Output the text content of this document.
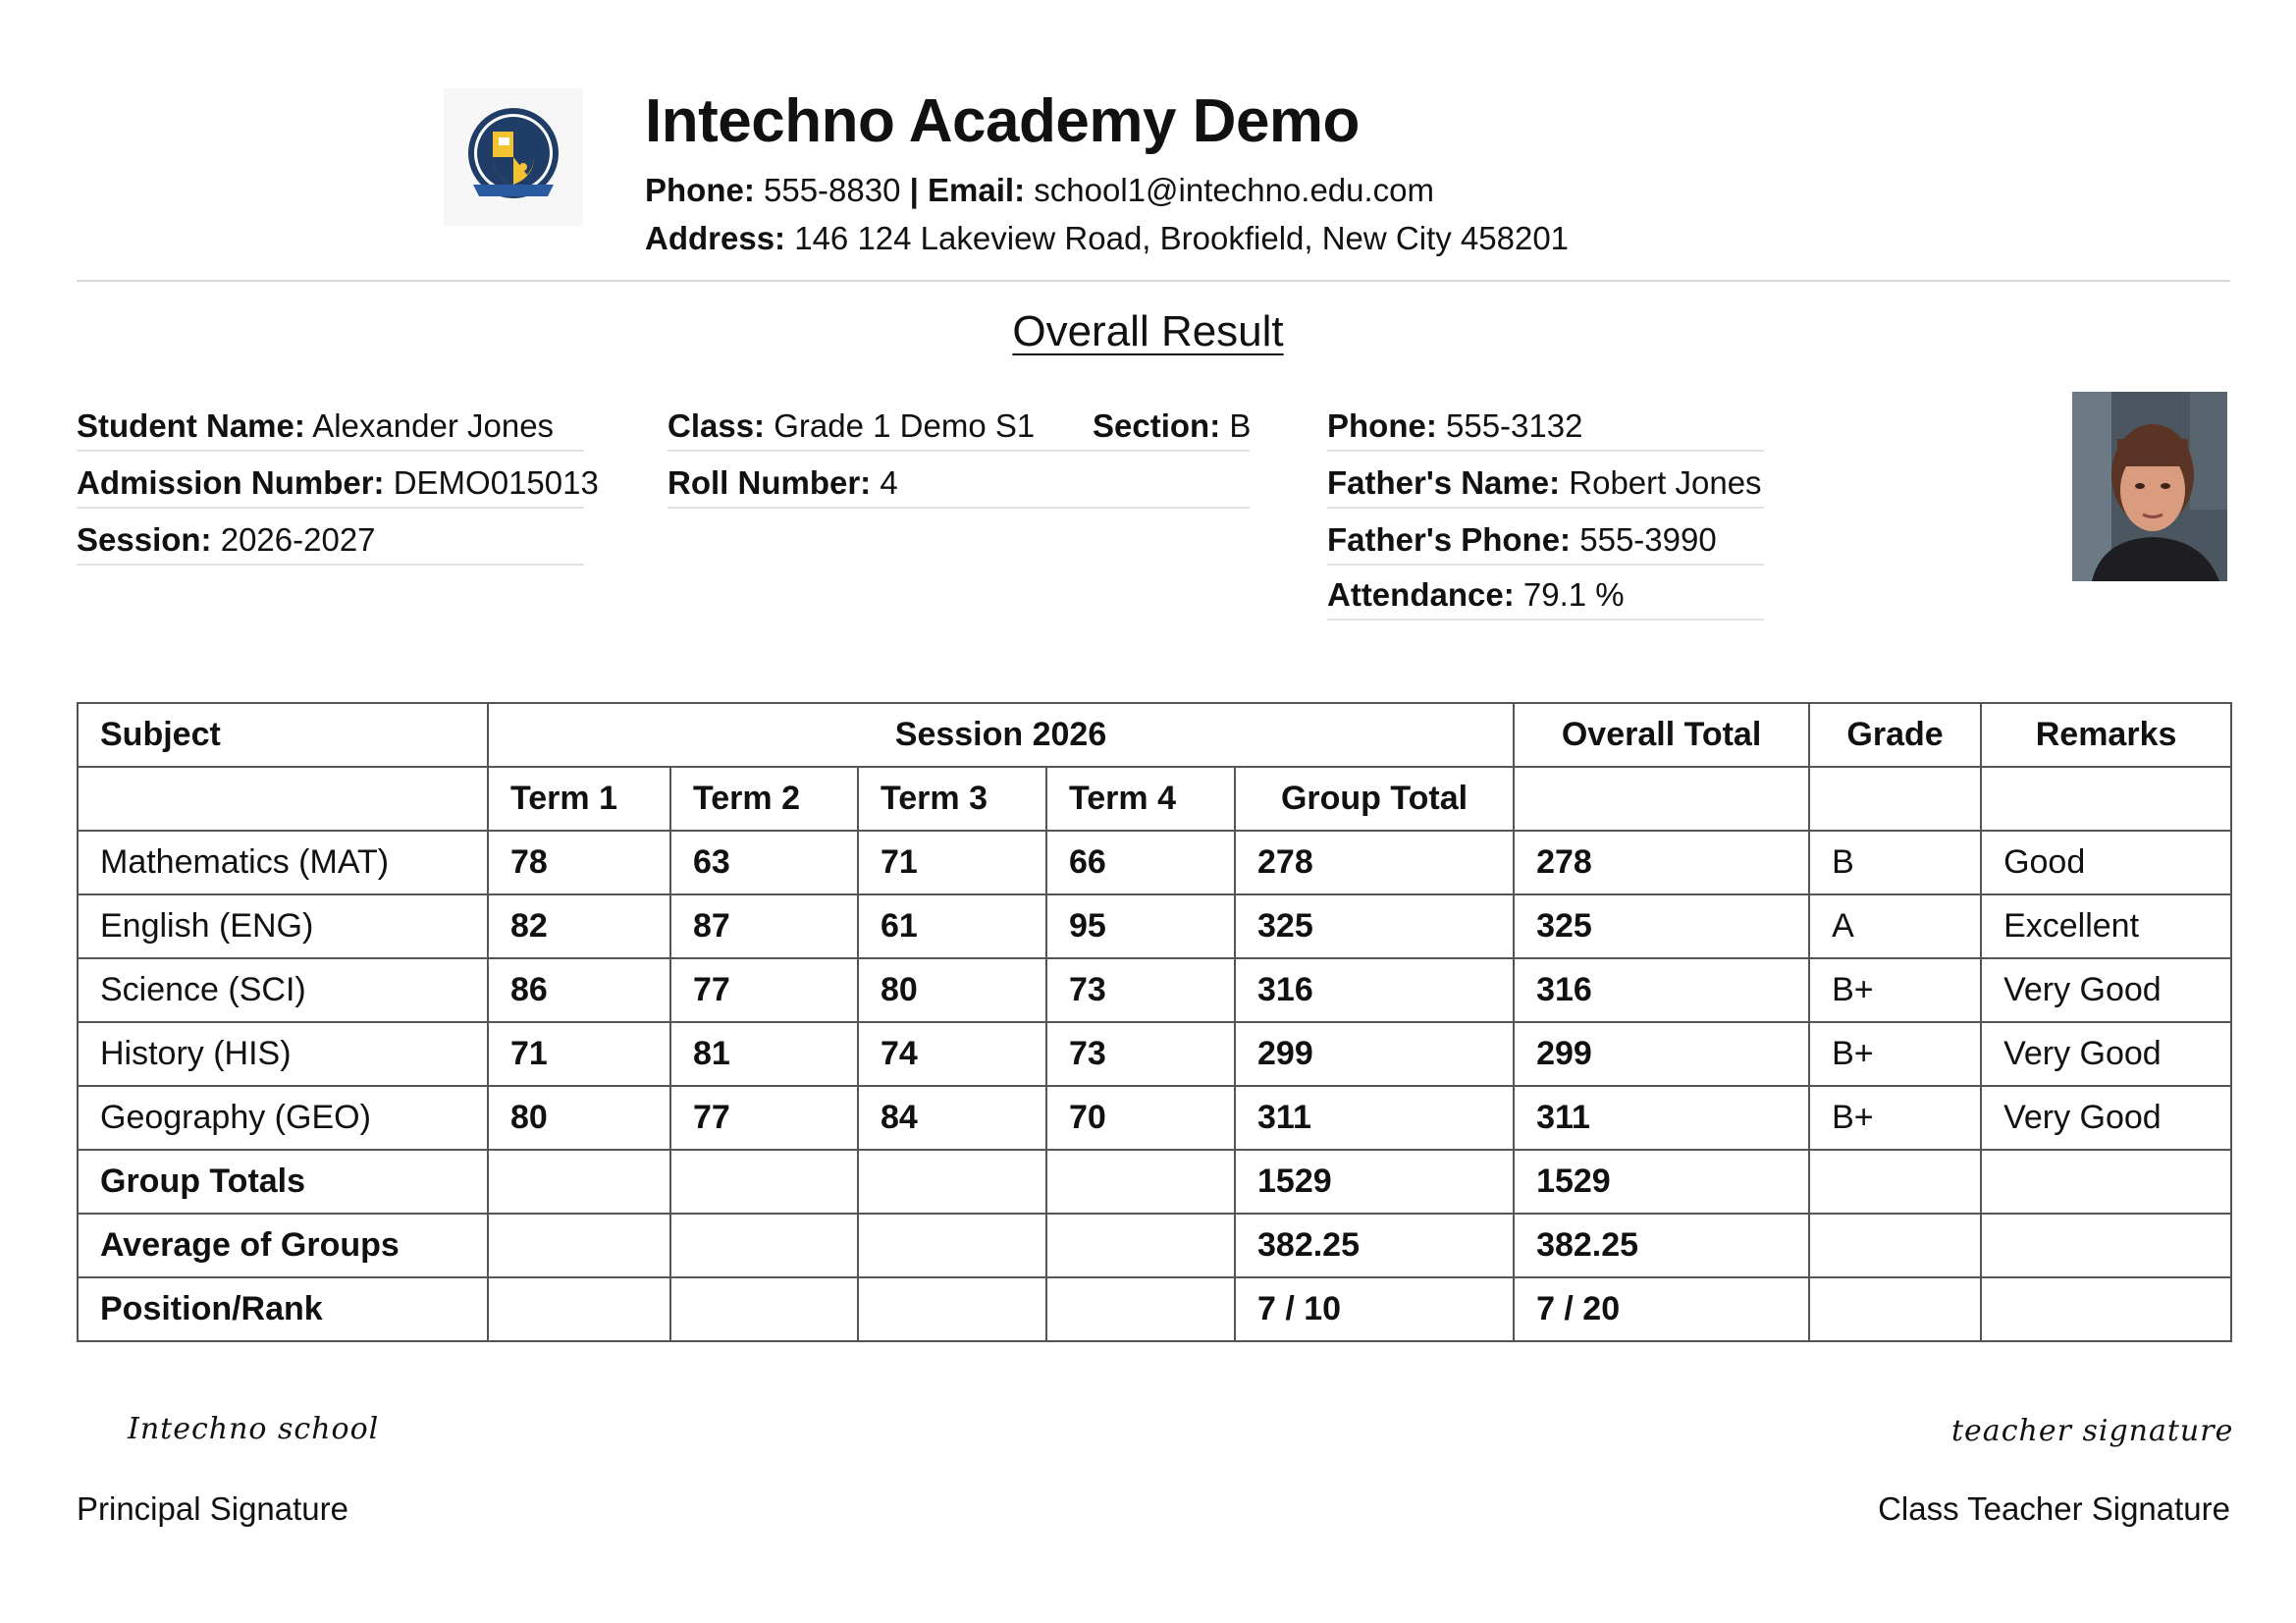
Intechno Academy Demo
Phone: 555-8830 | Email: school1@intechno.edu.com
Address: 146 124 Lakeview Road, Brookfield, New City 458201
Overall Result
Student Name: Alexander Jones
Admission Number: DEMO015013
Session: 2026-2027
Class: Grade 1 Demo S1 Section: B
Roll Number: 4
Phone: 555-3132
Father's Name: Robert Jones
Father's Phone: 555-3990
Attendance: 79.1 %
Subject	Session 2026					Overall Total	Grade	Remarks
	Term 1	Term 2	Term 3	Term 4	Group Total			
Mathematics (MAT)	78	63	71	66	278	278	B	Good
English (ENG)	82	87	61	95	325	325	A	Excellent
Science (SCI)	86	77	80	73	316	316	B+	Very Good
History (HIS)	71	81	74	73	299	299	B+	Very Good
Geography (GEO)	80	77	84	70	311	311	B+	Very Good
Group Totals					1529	1529		
Average of Groups					382.25	382.25		
Position/Rank					7 / 10	7 / 20		
Intechno school	teacher signature
Principal Signature	Class Teacher Signature
